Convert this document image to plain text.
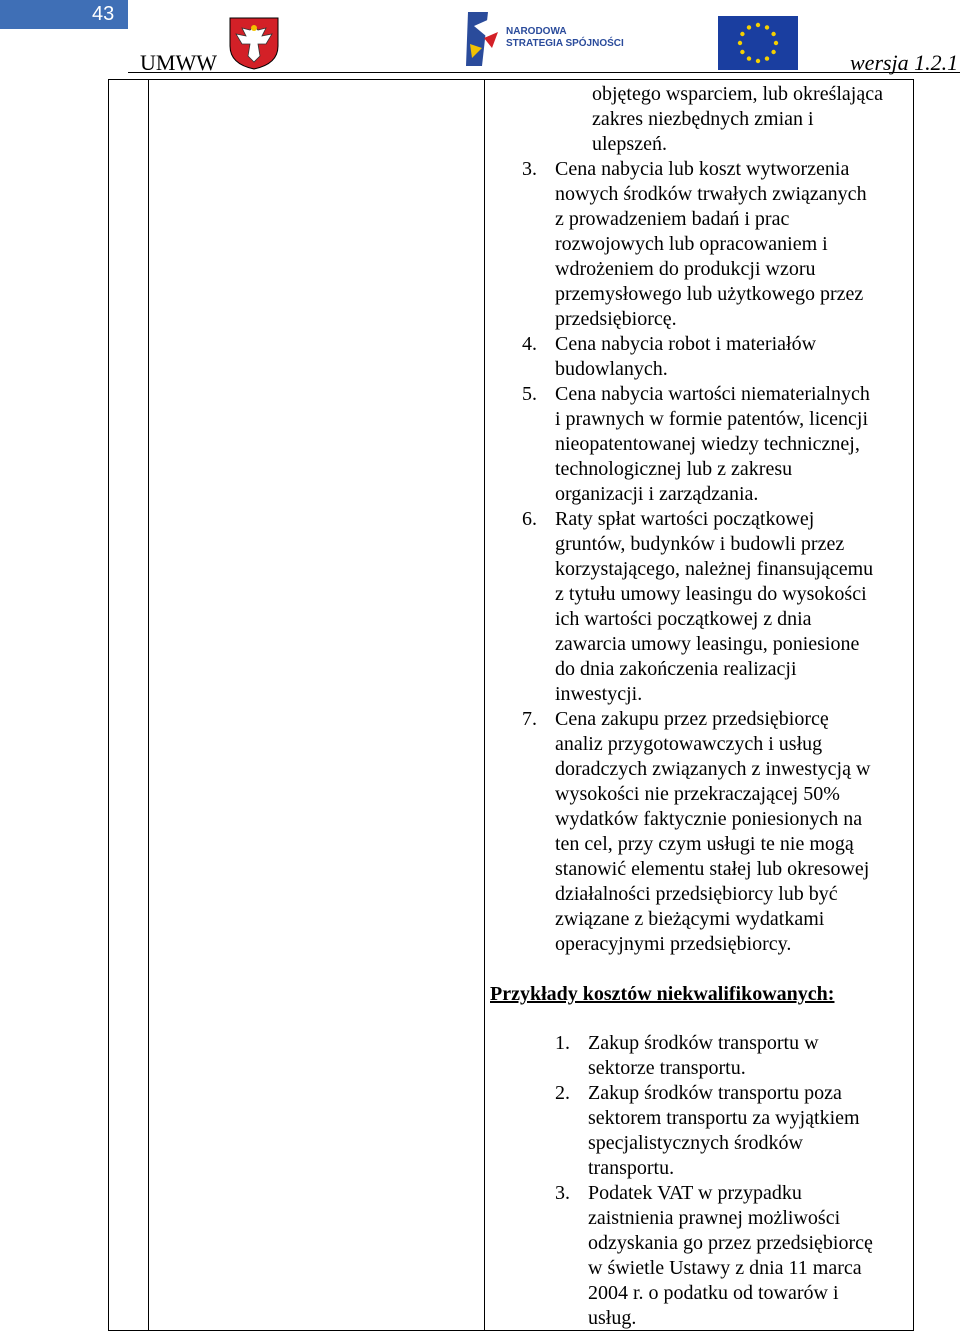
43
UMWW	wersja 1.2.1
NARODOWA
STRATEGIA SPÓJNOŚCI
objętego wsparciem, lub określająca
zakres niezbędnych zmian i
ulepszeń.
3. Cena nabycia lub koszt wytworzenia
nowych środków trwałych związanych
z prowadzeniem badań i prac
rozwojowych lub opracowaniem i
wdrożeniem do produkcji wzoru
przemysłowego lub użytkowego przez
przedsiębiorcę.
4. Cena nabycia robot i materiałów
budowlanych.
5. Cena nabycia wartości niematerialnych
i prawnych w formie patentów, licencji
nieopatentowanej wiedzy technicznej,
technologicznej lub z zakresu
organizacji i zarządzania.
6. Raty spłat wartości początkowej
gruntów, budynków i budowli przez
korzystającego, należnej finansującemu
z tytułu umowy leasingu do wysokości
ich wartości początkowej z dnia
zawarcia umowy leasingu, poniesione
do dnia zakończenia realizacji
inwestycji.
7. Cena zakupu przez przedsiębiorcę
analiz przygotowawczych i usług
doradczych związanych z inwestycją w
wysokości nie przekraczającej 50%
wydatków faktycznie poniesionych na
ten cel, przy czym usługi te nie mogą
stanowić elementu stałej lub okresowej
działalności przedsiębiorcy lub być
związane z bieżącymi wydatkami
operacyjnymi przedsiębiorcy.
Przykłady kosztów niekwalifikowanych:
1. Zakup środków transportu w
sektorze transportu.
2. Zakup środków transportu poza
sektorem transportu za wyjątkiem
specjalistycznych środków
transportu.
3. Podatek VAT w przypadku
zaistnienia prawnej możliwości
odzyskania go przez przedsiębiorcę
w świetle Ustawy z dnia 11 marca
2004 r. o podatku od towarów i
usług.
